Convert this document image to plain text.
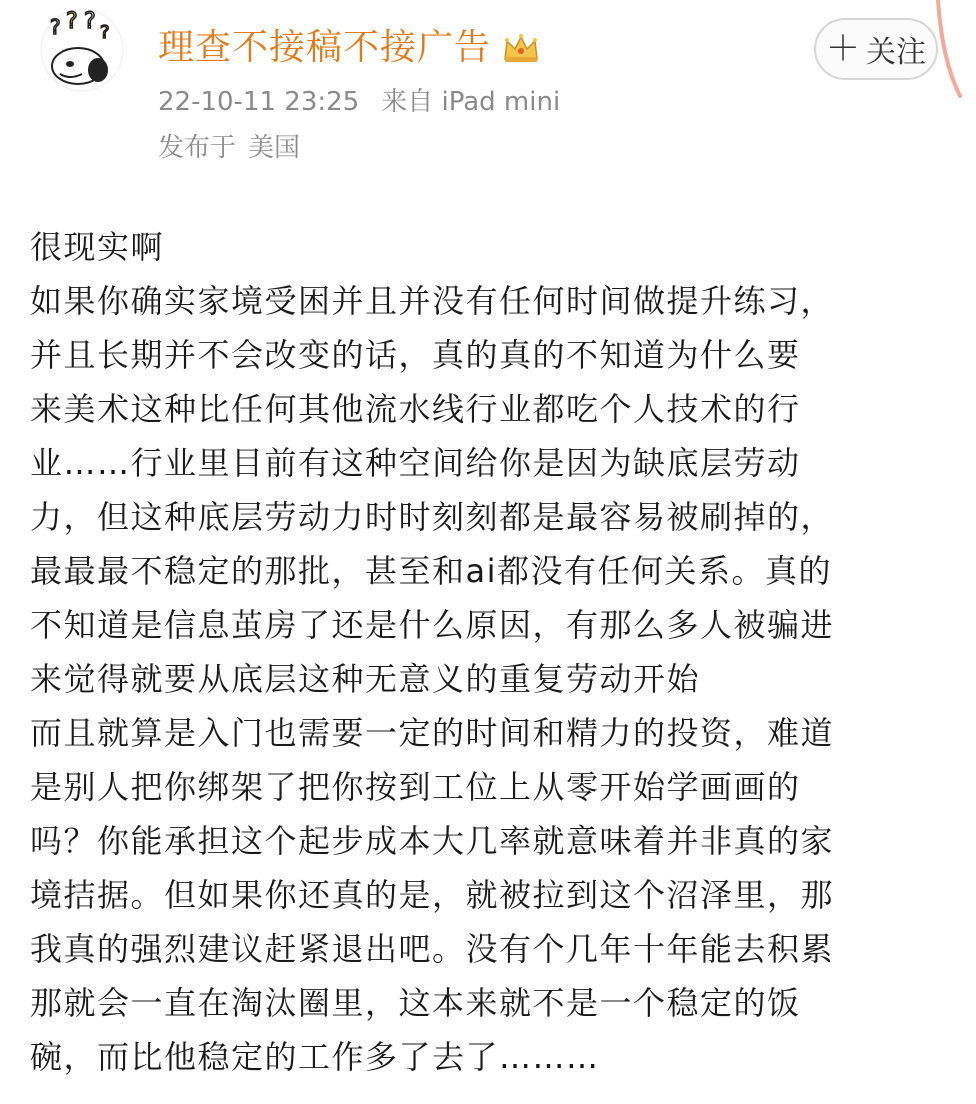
? ? ? ? 理查不接稿不接广告
22-10-11 23:25 来自 iPad mini
发布于 美国
＋ 关注
很现实啊
如果你确实家境受困并且并没有任何时间做提升练习，
并且长期并不会改变的话，真的真的不知道为什么要
来美术这种比任何其他流水线行业都吃个人技术的行
业……行业里目前有这种空间给你是因为缺底层劳动
力，但这种底层劳动力时时刻刻都是最容易被刷掉的，
最最最不稳定的那批，甚至和ai都没有任何关系。真的
不知道是信息茧房了还是什么原因，有那么多人被骗进
来觉得就要从底层这种无意义的重复劳动开始
而且就算是入门也需要一定的时间和精力的投资，难道
是别人把你绑架了把你按到工位上从零开始学画画的
吗？你能承担这个起步成本大几率就意味着并非真的家
境拮据。但如果你还真的是，就被拉到这个沼泽里，那
我真的强烈建议赶紧退出吧。没有个几年十年能去积累
那就会一直在淘汰圈里，这本来就不是一个稳定的饭
碗，而比他稳定的工作多了去了………
